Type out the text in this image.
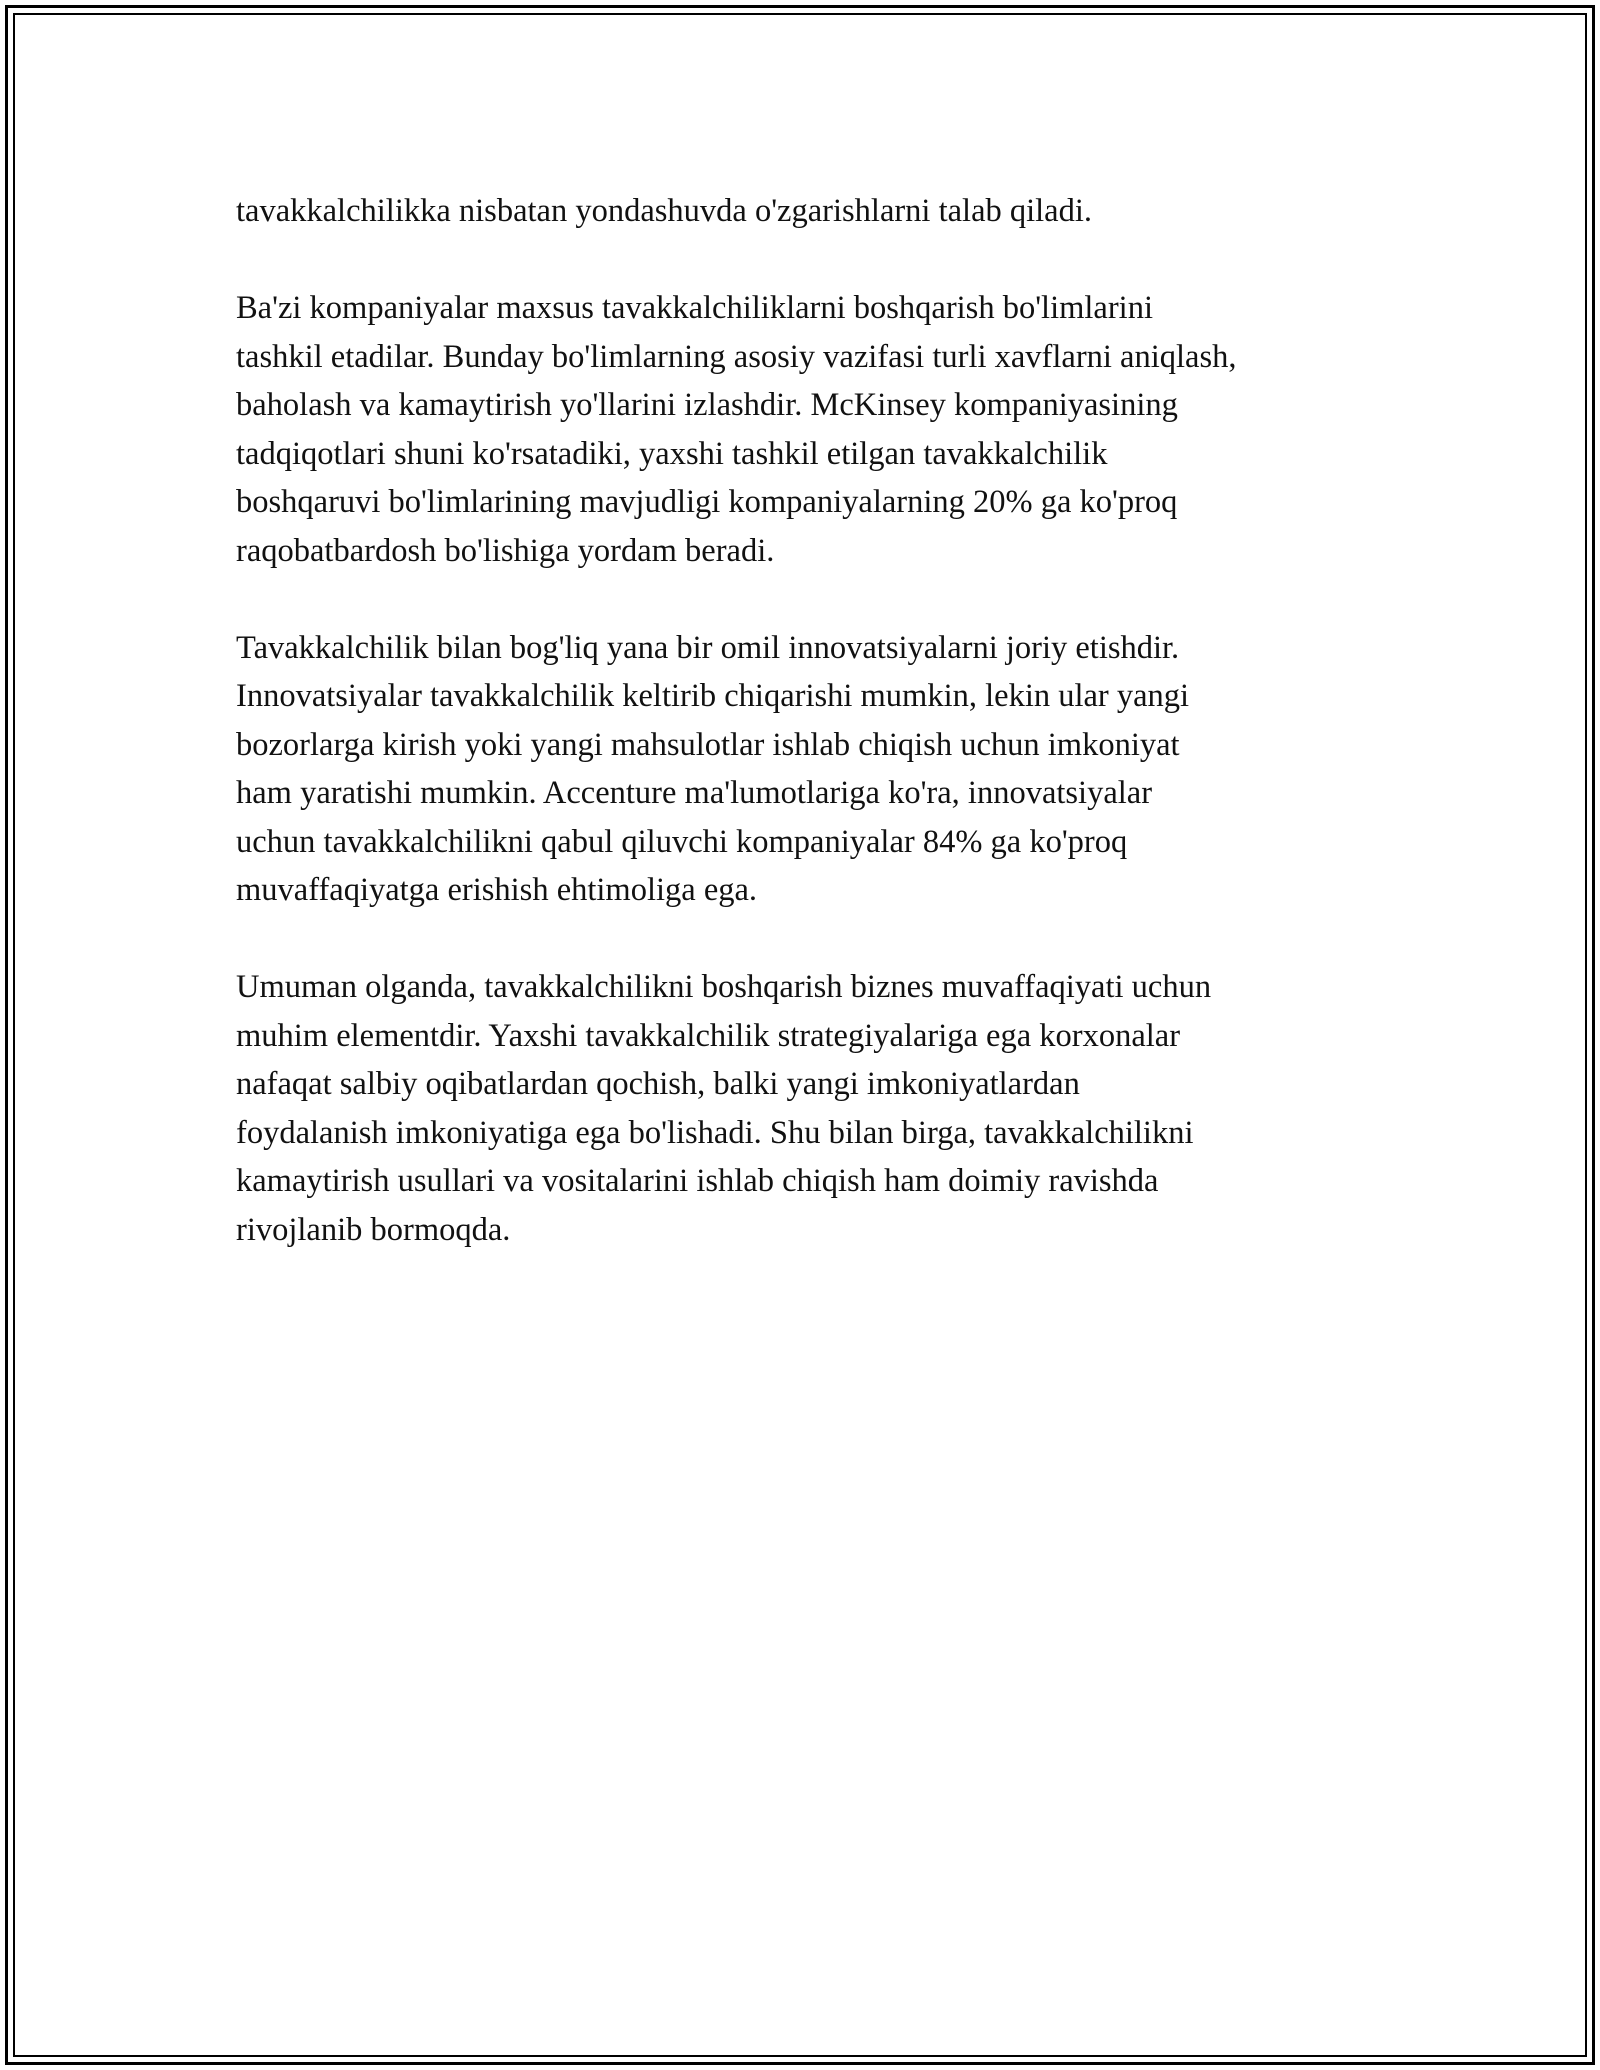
tavakkalchilikka nisbatan yondashuvda o'zgarishlarni talab qiladi.

Ba'zi kompaniyalar maxsus tavakkalchiliklarni boshqarish bo'limlarini
tashkil etadilar. Bunday bo'limlarning asosiy vazifasi turli xavflarni aniqlash,
baholash va kamaytirish yo'llarini izlashdir. McKinsey kompaniyasining
tadqiqotlari shuni ko'rsatadiki, yaxshi tashkil etilgan tavakkalchilik
boshqaruvi bo'limlarining mavjudligi kompaniyalarning 20% ga ko'proq
raqobatbardosh bo'lishiga yordam beradi.

Tavakkalchilik bilan bog'liq yana bir omil innovatsiyalarni joriy etishdir.
Innovatsiyalar tavakkalchilik keltirib chiqarishi mumkin, lekin ular yangi
bozorlarga kirish yoki yangi mahsulotlar ishlab chiqish uchun imkoniyat
ham yaratishi mumkin. Accenture ma'lumotlariga ko'ra, innovatsiyalar
uchun tavakkalchilikni qabul qiluvchi kompaniyalar 84% ga ko'proq
muvaffaqiyatga erishish ehtimoliga ega.

Umuman olganda, tavakkalchilikni boshqarish biznes muvaffaqiyati uchun
muhim elementdir. Yaxshi tavakkalchilik strategiyalariga ega korxonalar
nafaqat salbiy oqibatlardan qochish, balki yangi imkoniyatlardan
foydalanish imkoniyatiga ega bo'lishadi. Shu bilan birga, tavakkalchilikni
kamaytirish usullari va vositalarini ishlab chiqish ham doimiy ravishda
rivojlanib bormoqda.
